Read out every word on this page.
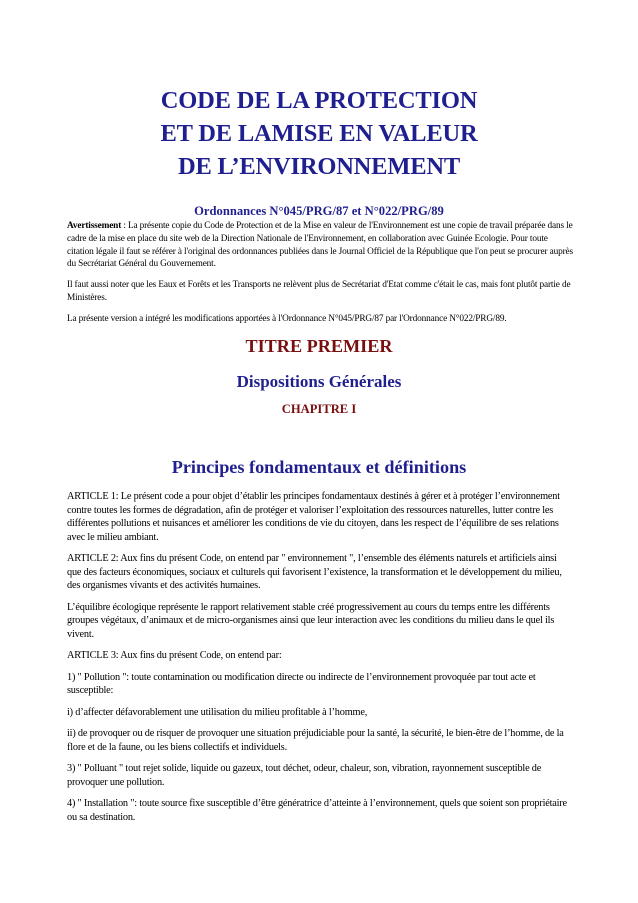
CODE DE LA PROTECTION

ET DE LAMISE EN VALEUR

DE L’ENVIRONNEMENT

Ordonnances N°045/PRG/87 et N°022/PRG/89

Avertissement : La présente copie du Code de Protection et de la Mise en valeur de l'Environnement est une copie de travail préparée dans le cadre de la mise en place du site web de la Direction Nationale de l'Environnement, en collaboration avec Guinée Ecologie. Pour toute citation légale il faut se référer à l'original des ordonnances publiées dans le Journal Officiel de la République que l'on peut se procurer auprès du Secrétariat Général du Gouvernement.

Il faut aussi noter que les Eaux et Forêts et les Transports ne relèvent plus de Secrétariat d'Etat comme c'était le cas, mais font plutôt partie de Ministères.

La présente version a intégré les modifications apportées à l'Ordonnance N°045/PRG/87 par l'Ordonnance N°022/PRG/89.

TITRE PREMIER
Dispositions Générales
CHAPITRE I
Principes fondamentaux et définitions

ARTICLE 1: Le présent code a pour objet d’établir les principes fondamentaux destinés à gérer et à protéger l’environnement contre toutes les formes de dégradation, afin de protéger et valoriser l’exploitation des ressources naturelles, lutter contre les différentes pollutions et nuisances et améliorer les conditions de vie du citoyen, dans les respect de l’équilibre de ses relations avec le milieu ambiant.

ARTICLE 2: Aux fins du présent Code, on entend par " environnement ", l’ensemble des éléments naturels et artificiels ainsi que des facteurs économiques, sociaux et culturels qui favorisent l’existence, la transformation et le développement du milieu, des organismes vivants et des activités humaines.

L’équilibre écologique représente le rapport relativement stable créé progressivement au cours du temps entre les différents groupes végétaux, d’animaux et de micro-organismes ainsi que leur interaction avec les conditions du milieu dans le quel ils vivent.

ARTICLE 3: Aux fins du présent Code, on entend par:

1) " Pollution ": toute contamination ou modification directe ou indirecte de l’environnement provoquée par tout acte et susceptible:

i) d’affecter défavorablement une utilisation du milieu profitable à l’homme,

ii) de provoquer ou de risquer de provoquer une situation préjudiciable pour la santé, la sécurité, le bien-être de l’homme, de la flore et de la faune, ou les biens collectifs et individuels.

3) " Polluant " tout rejet solide, liquide ou gazeux, tout déchet, odeur, chaleur, son, vibration, rayonnement susceptible de provoquer une pollution.

4) " Installation ": toute source fixe susceptible d’être génératrice d’atteinte à l’environnement, quels que soient son propriétaire ou sa destination.
